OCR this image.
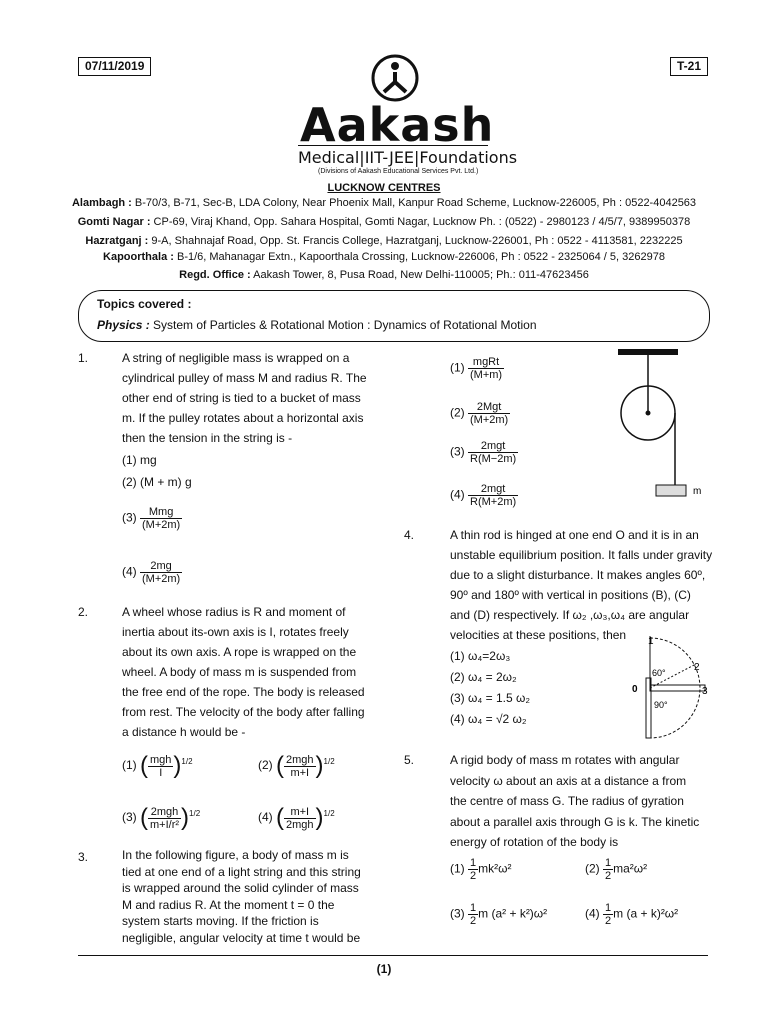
07/11/2019	T-21
Aakash
Medical|IIT-JEE|Foundations
(Divisions of Aakash Educational Services Pvt. Ltd.)
LUCKNOW CENTRES
Alambagh : B-70/3, B-71, Sec-B, LDA Colony, Near Phoenix Mall, Kanpur Road Scheme, Lucknow-226005, Ph : 0522-4042563
Gomti Nagar : CP-69, Viraj Khand, Opp. Sahara Hospital, Gomti Nagar, Lucknow Ph. : (0522) - 2980123 / 4/5/7, 9389950378
Hazratganj : 9-A, Shahnajaf Road, Opp. St. Francis College, Hazratganj, Lucknow-226001, Ph : 0522 - 4113581, 2232225
Kapoorthala : B-1/6, Mahanagar Extn., Kapoorthala Crossing, Lucknow-226006, Ph : 0522 - 2325064 / 5, 3262978
Regd. Office : Aakash Tower, 8, Pusa Road, New Delhi-110005; Ph.: 011-47623456
Topics covered :
Physics : System of Particles & Rotational Motion : Dynamics of Rotational Motion
1.	A string of negligible mass is wrapped on a
cylindrical pulley of mass M and radius R. The
other end of string is tied to a bucket of mass
m. If the pulley rotates about a horizontal axis
then the tension in the string is -
(1) mg
(2) (M + m) g
$(3) \frac{\text{Mmg}}{(M+2m)}$
$(4) \frac{2mg}{(M+2m)}$
2.	A wheel whose radius is R and moment of
inertia about its-own axis is I, rotates freely
about its own axis. A rope is wrapped on the
wheel. A body of mass m is suspended from
the free end of the rope. The body is released
from rest. The velocity of the body after falling
a distance h would be -
(1) ( $\frac{\text{mgh}}{I} )^{1/2}$	(2) ( $\frac{\text{2mgh}}{m+I} )^{1/2}$
(3) ( $\frac{\text{2mgh}}{\text{m+I/r²}} )^{1/2}$	(4) ( $\frac{m+I}{\text{2mgh}} )^{1/2}$
3.	In the following figure, a body of mass m is
tied at one end of a light string and this string
is wrapped around the solid cylinder of mass
M and radius R. At the moment t = 0 the
system starts moving. If the friction is
negligible, angular velocity at time t would be
$(1) \frac{\text{mgRt}}{(M+m)}$
$(2) \frac{\text{2Mgt}}{(M+2m)}$
$(3) \frac{\text{2mgt}}{R(M-2m)}$
$(4) \frac{\text{2mgt}}{R(M+2m)}$	m
4.	A thin rod is hinged at one end O and it is in an
unstable equilibrium position. It falls under gravity
due to a slight disturbance. It makes angles 60º,
90º and 180º with vertical in positions (B), (C)
and (D) respectively. If ω₂ ,ω₃,ω₄ are angular
velocities at these positions, then
(1) ω₄=2ω₃
(2) ω₄ = 2ω₂
(3) ω₄ = 1.5 ω₂
(4) ω₄ = √2 ω₂
1
2
3
0
60°
90°
5.	A rigid body of mass m rotates with angular
velocity ω about an axis at a distance a from
the centre of mass G. The radius of gyration
about a parallel axis through G is k. The kinetic
energy of rotation of the body is
$(1) \frac{1}{2} mk^2\omega^2$	$(2) \frac{1}{2} ma^2\omega^2$
$(3) \frac{1}{2}$ m (a² + k²)ω²	$(4) \frac{1}{2}$ m (a + k)²ω²
(1)
